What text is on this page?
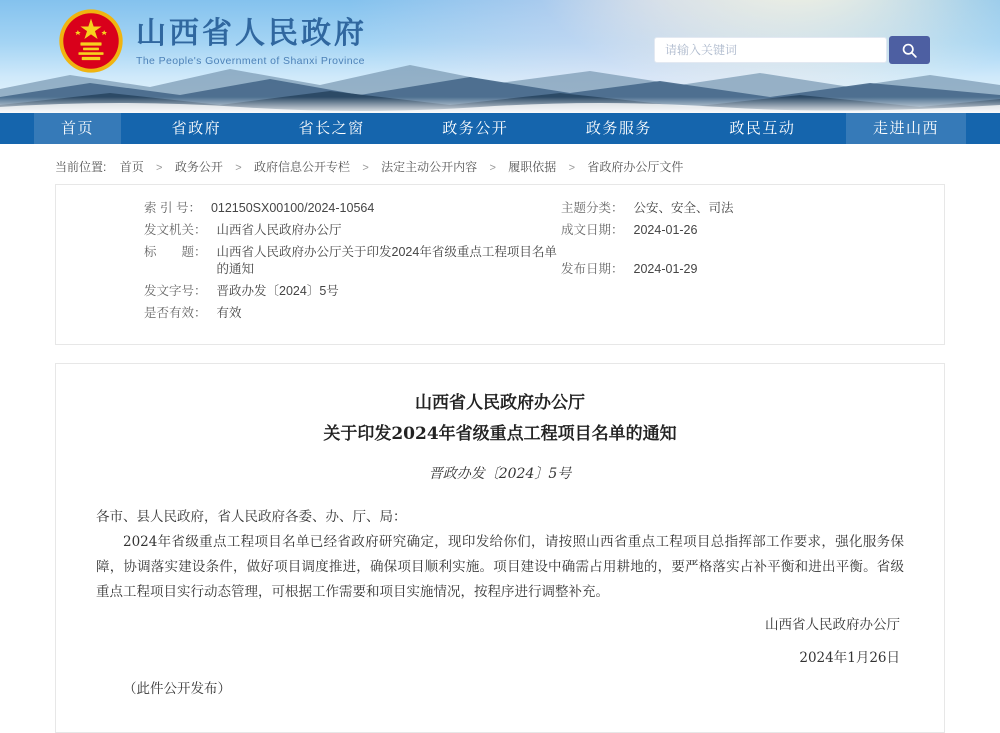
山西省人民政府
The People's Government of Shanxi Province
请输入关键词
首页	省政府	省长之窗	政务公开	政务服务	政民互动	走进山西
当前位置: 首页 > 政务公开 > 政府信息公开专栏 > 法定主动公开内容 > 履职依据 > 省政府办公厅文件
索 引 号： 012150SX00100/2024-10564
发文机关： 山西省人民政府办公厅
标　　题： 山西省人民政府办公厅关于印发2024年省级重点工程项目名单的通知
发文字号： 晋政办发〔2024〕5号
是否有效： 有效
主题分类： 公安、安全、司法
成文日期： 2024-01-26
发布日期： 2024-01-29
山西省人民政府办公厅
关于印发2024年省级重点工程项目名单的通知
晋政办发〔2024〕5号

各市、县人民政府，省人民政府各委、办、厅、局：

2024年省级重点工程项目名单已经省政府研究确定，现印发给你们，请按照山西省重点工程项目总指挥部工作要求，强化服务保障，协调落实建设条件，做好项目调度推进，确保项目顺利实施。项目建设中确需占用耕地的，要严格落实占补平衡和进出平衡。省级重点工程项目实行动态管理，可根据工作需要和项目实施情况，按程序进行调整补充。

山西省人民政府办公厅
2024年1月26日
（此件公开发布）
